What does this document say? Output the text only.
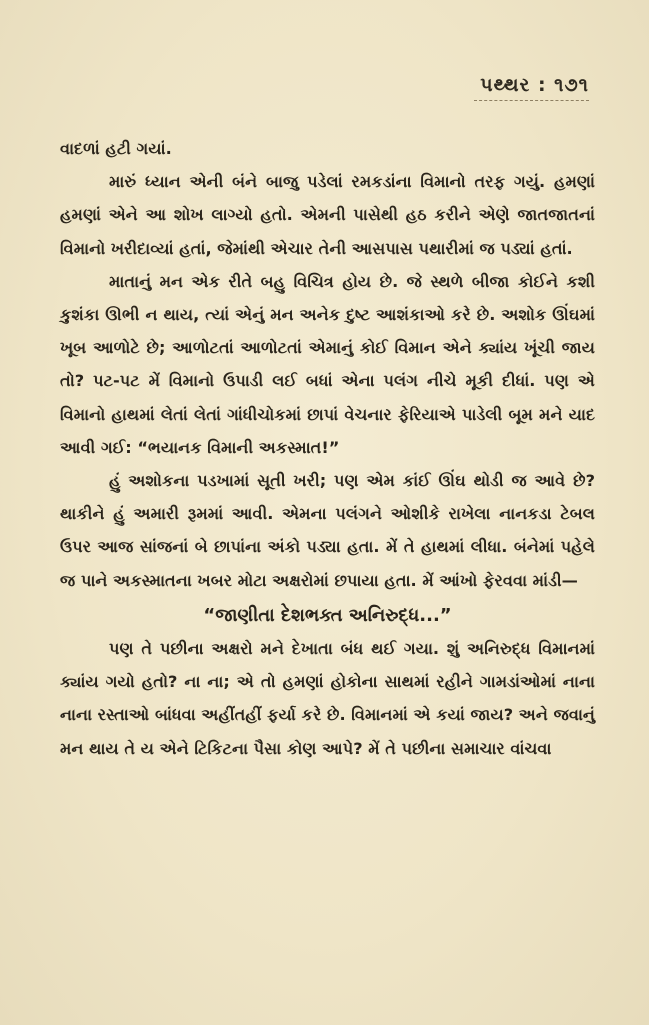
પથ્થર : ૧૭૧

વાદળાં હટી ગયાં.

મારું ધ્યાન એની બંને બાજુ પડેલાં રમકડાંના વિમાનો તરફ ગયું. હમણાં હમણાં એને આ શોખ લાગ્યો હતો. એમની પાસેથી હઠ કરીને એણે જાતજાતનાં વિમાનો ખરીદાવ્યાં હતાં, જેમાંથી એચાર તેની આસપાસ પથારીમાં જ પડ્યાં હતાં.

માતાનું મન એક રીતે બહુ વિચિત્ર હોય છે. જે સ્થળે બીજા કોઈને કશી કુશંકા ઊભી ન થાય, ત્યાં એનું મન અનેક દુષ્ટ આશંકાઓ કરે છે. અશોક ઊંઘમાં ખૂબ આળોટે છે; આળોટતાં આળોટતાં એમાનું કોઈ વિમાન એને ક્યાંય ખૂંચી જાય તો? પટ-પટ મેં વિમાનો ઉપાડી લઈ બધાં એના પલંગ નીચે મૂકી દીધાં. પણ એ વિમાનો હાથમાં લેતાં લેતાં ગાંધીચોકમાં છાપાં વેચનાર ફેરિયાએ પાડેલી બૂમ મને યાદ આવી ગઈ: “ભયાનક વિમાની અકસ્માત!”

હું અશોકના પડખામાં સૂતી ખરી; પણ એમ કાંઈ ઊંઘ થોડી જ આવે છે? થાકીને હું અમારી રૂમમાં આવી. એમના પલંગને ઓશીકે રાખેલા નાનકડા ટેબલ ઉપર આજ સાંજનાં બે છાપાંના અંકો પડ્યા હતા. મેં તે હાથમાં લીધા. બંનેમાં પહેલે જ પાને અકસ્માતના ખબર મોટા અક્ષરોમાં છપાયા હતા. મેં આંખો ફેરવવા માંડી—

“જાણીતા દેશભક્ત અનિરુદ્ધ...”

પણ તે પછીના અક્ષરો મને દેખાતા બંધ થઈ ગયા. શું અનિરુદ્ધ વિમાનમાં ક્યાંય ગયો હતો? ના ના; એ તો હમણાં હોકોના સાથમાં રહીને ગામડાંઓમાં નાના નાના રસ્તાઓ બાંધવા અહીંતહીં ફર્યા કરે છે. વિમાનમાં એ કયાં જાય? અને જવાનું મન થાય તે ય એને ટિકિટના પૈસા કોણ આપે? મેં તે પછીના સમાચાર વાંચવા
